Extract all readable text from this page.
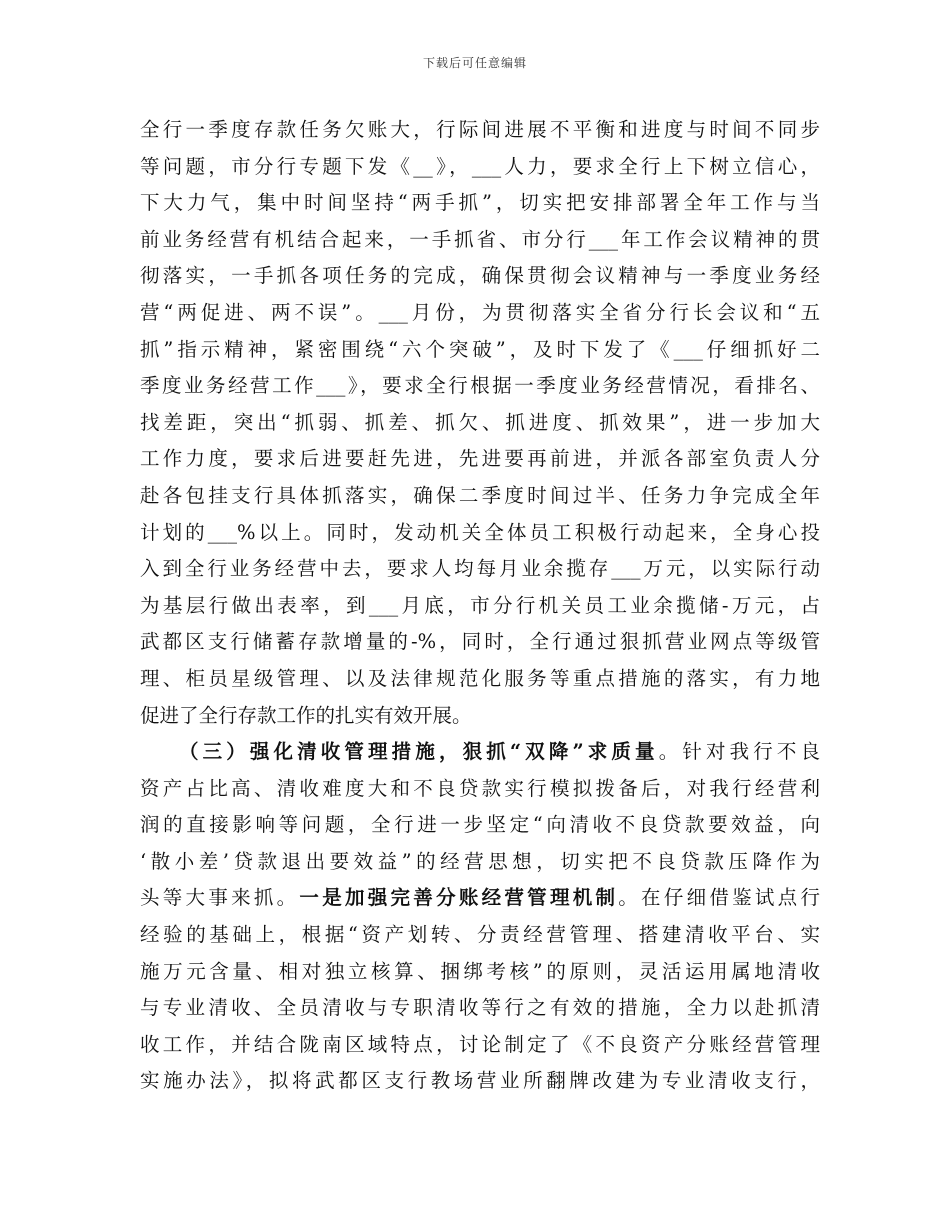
下载后可任意编辑
全行一季度存款任务欠账大，行际间进展不平衡和进度与时间不同步
等问题，市分行专题下发《__》，___人力，要求全行上下树立信心，
下大力气，集中时间坚持“两手抓”，切实把安排部署全年工作与当
前业务经营有机结合起来，一手抓省、市分行___年工作会议精神的贯
彻落实，一手抓各项任务的完成，确保贯彻会议精神与一季度业务经
营“两促进、两不误”。___月份，为贯彻落实全省分行长会议和“五
抓”指示精神，紧密围绕“六个突破”，及时下发了《___仔细抓好二
季度业务经营工作___》，要求全行根据一季度业务经营情况，看排名、
找差距，突出“抓弱、抓差、抓欠、抓进度、抓效果”，进一步加大
工作力度，要求后进要赶先进，先进要再前进，并派各部室负责人分
赴各包挂支行具体抓落实，确保二季度时间过半、任务力争完成全年
计划的___%以上。同时，发动机关全体员工积极行动起来，全身心投
入到全行业务经营中去，要求人均每月业余揽存___万元，以实际行动
为基层行做出表率，到___月底，市分行机关员工业余揽储-万元，占
武都区支行储蓄存款增量的-%，同时，全行通过狠抓营业网点等级管
理、柜员星级管理、以及法律规范化服务等重点措施的落实，有力地
促进了全行存款工作的扎实有效开展。
（三）强化清收管理措施，狠抓“双降”求质量。针对我行不良
资产占比高、清收难度大和不良贷款实行模拟拨备后，对我行经营利
润的直接影响等问题，全行进一步坚定“向清收不良贷款要效益，向
‘散小差’贷款退出要效益”的经营思想，切实把不良贷款压降作为
头等大事来抓。一是加强完善分账经营管理机制。在仔细借鉴试点行
经验的基础上，根据“资产划转、分责经营管理、搭建清收平台、实
施万元含量、相对独立核算、捆绑考核”的原则，灵活运用属地清收
与专业清收、全员清收与专职清收等行之有效的措施，全力以赴抓清
收工作，并结合陇南区域特点，讨论制定了《不良资产分账经营管理
实施办法》，拟将武都区支行教场营业所翻牌改建为专业清收支行，
